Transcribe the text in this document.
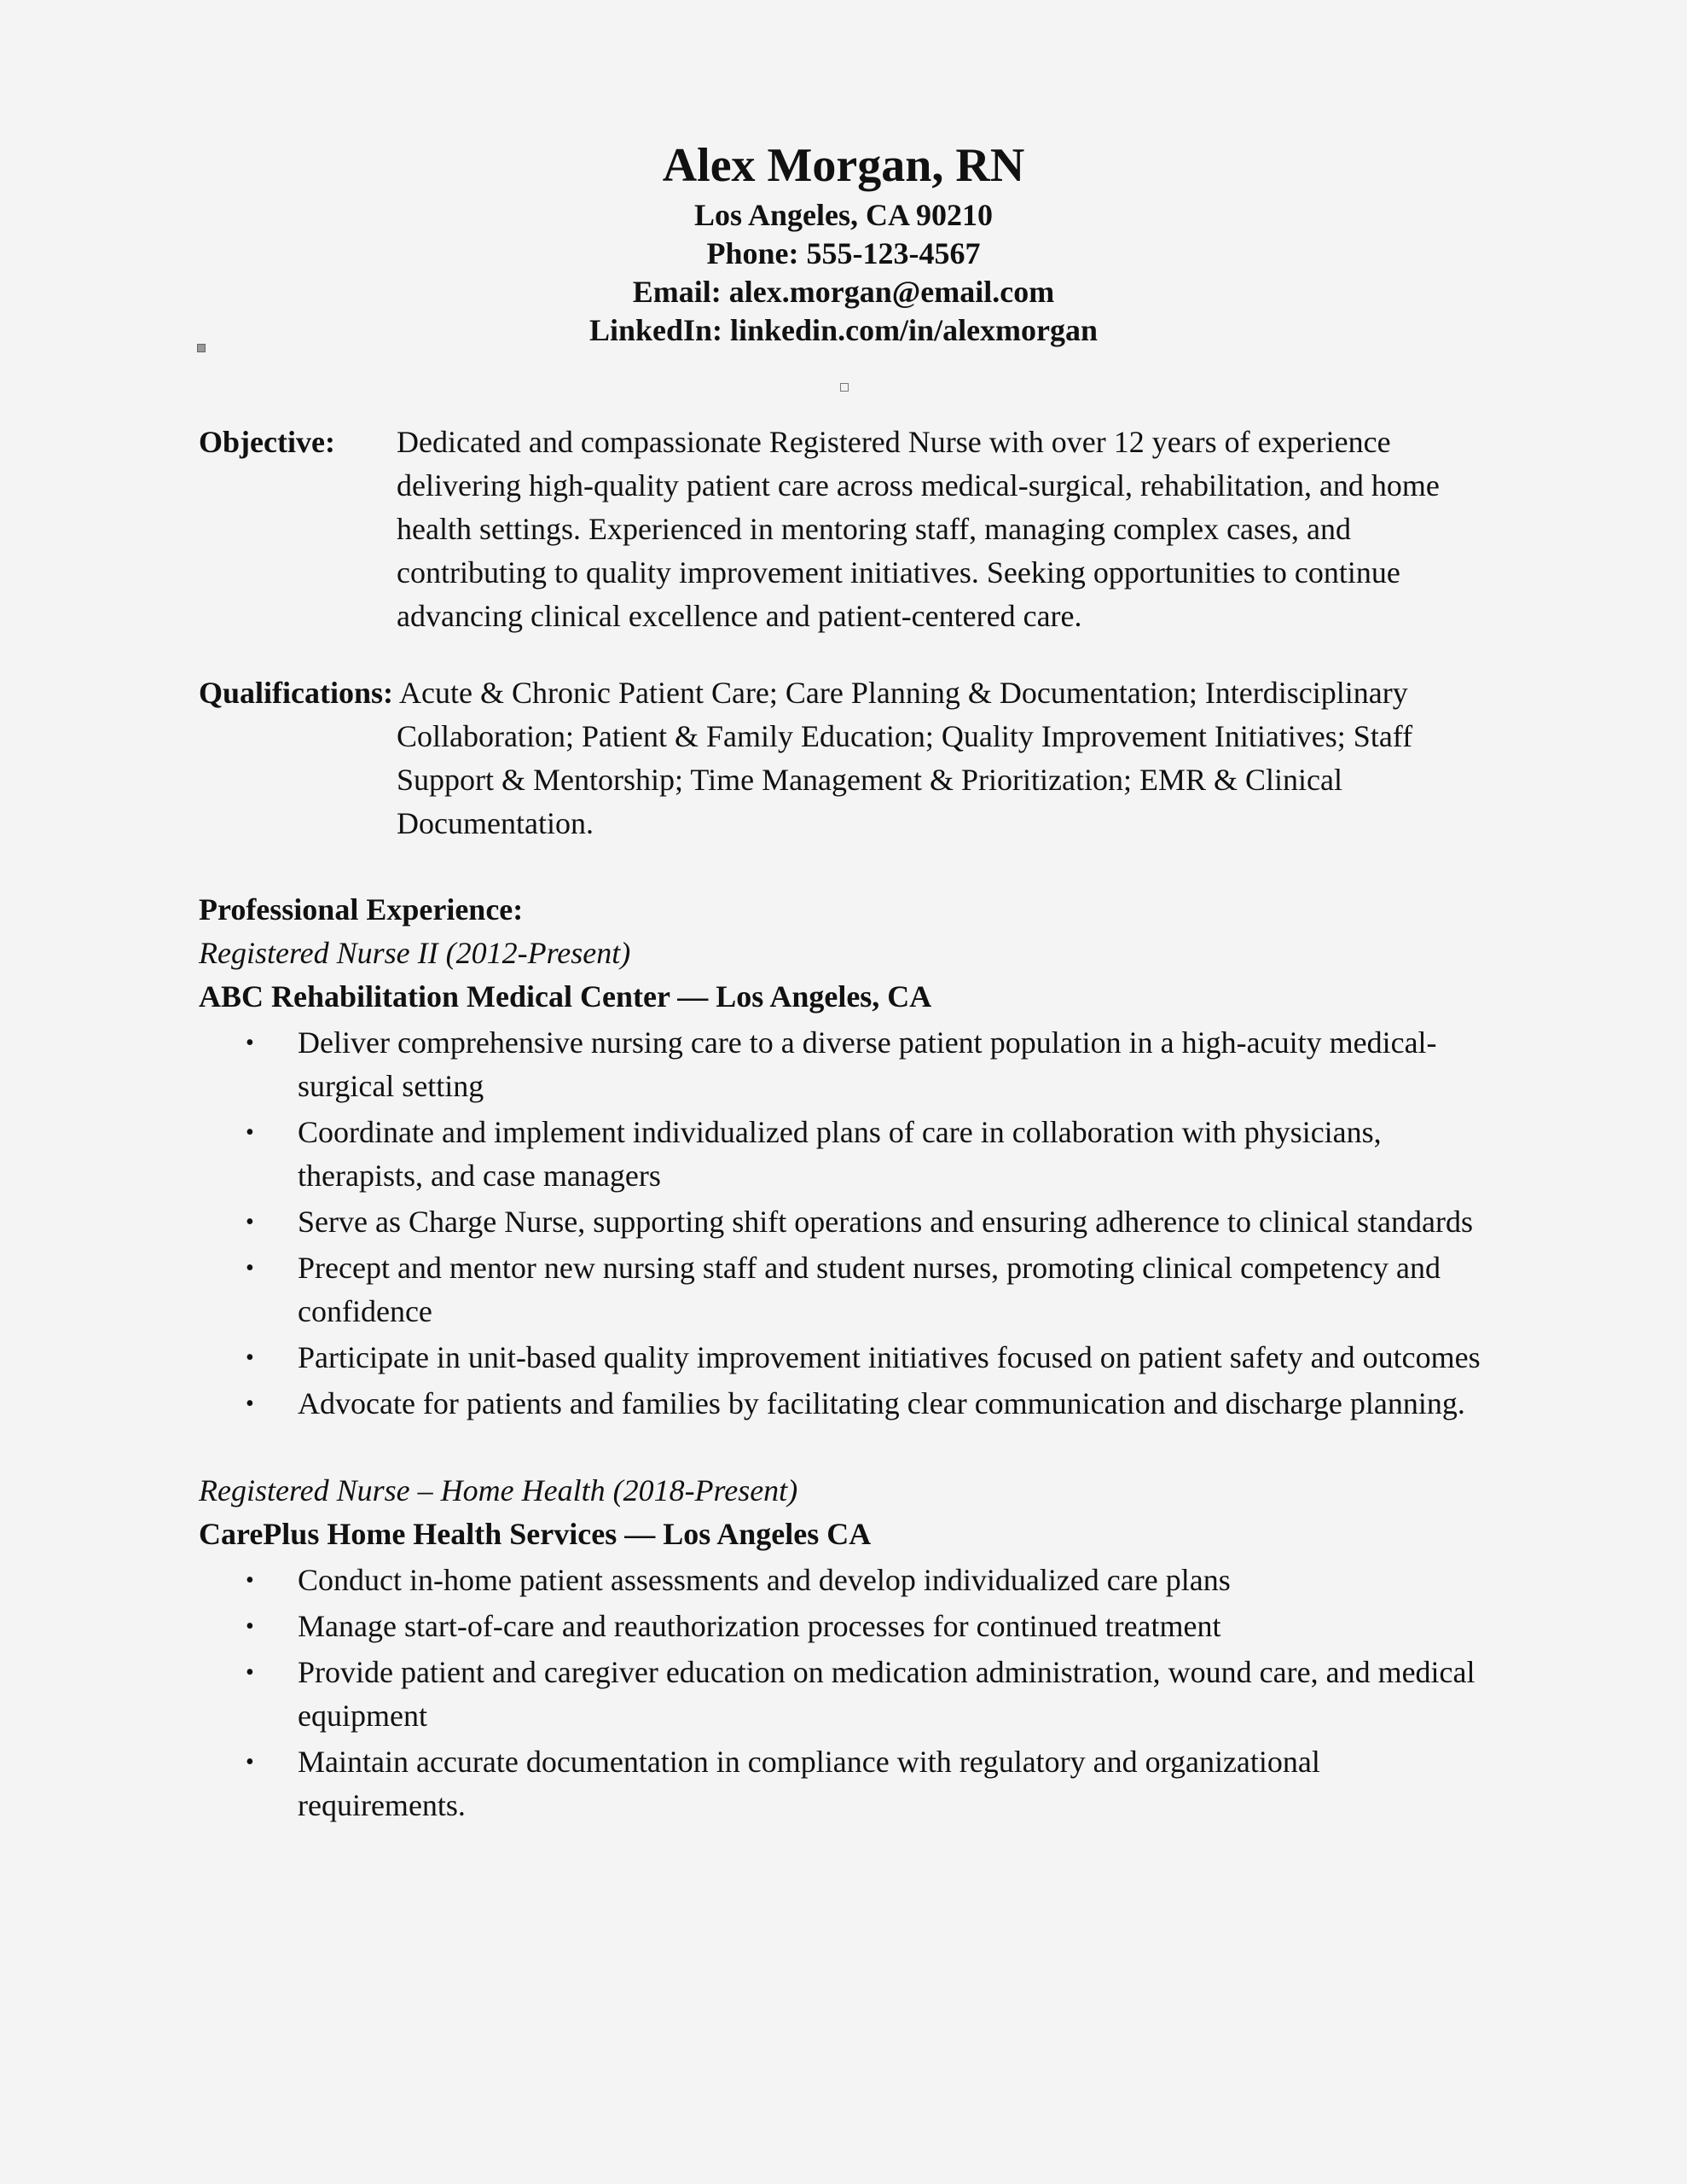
Alex Morgan, RN

Los Angeles, CA 90210

Phone: 555-123-4567

Email: alex.morgan@email.com

LinkedIn: linkedin.com/in/alexmorgan

Objective:	Dedicated and compassionate Registered Nurse with over 12 years of experience delivering high-quality patient care across medical-surgical, rehabilitation, and home health settings. Experienced in mentoring staff, managing complex cases, and contributing to quality improvement initiatives. Seeking opportunities to continue advancing clinical excellence and patient-centered care.
Qualifications: Acute & Chronic Patient Care; Care Planning & Documentation; Interdisciplinary Collaboration; Patient & Family Education; Quality Improvement Initiatives; Staff Support & Mentorship; Time Management & Prioritization; EMR & Clinical Documentation.
Professional Experience:
Registered Nurse II (2012-Present)
ABC Rehabilitation Medical Center — Los Angeles, CA
• Deliver comprehensive nursing care to a diverse patient population in a high-acuity medical-surgical setting
• Coordinate and implement individualized plans of care in collaboration with physicians, therapists, and case managers
• Serve as Charge Nurse, supporting shift operations and ensuring adherence to clinical standards
• Precept and mentor new nursing staff and student nurses, promoting clinical competency and confidence
• Participate in unit-based quality improvement initiatives focused on patient safety and outcomes
• Advocate for patients and families by facilitating clear communication and discharge planning.
Registered Nurse – Home Health (2018-Present)
CarePlus Home Health Services — Los Angeles CA
• Conduct in-home patient assessments and develop individualized care plans
• Manage start-of-care and reauthorization processes for continued treatment
• Provide patient and caregiver education on medication administration, wound care, and medical equipment
• Maintain accurate documentation in compliance with regulatory and organizational requirements.
